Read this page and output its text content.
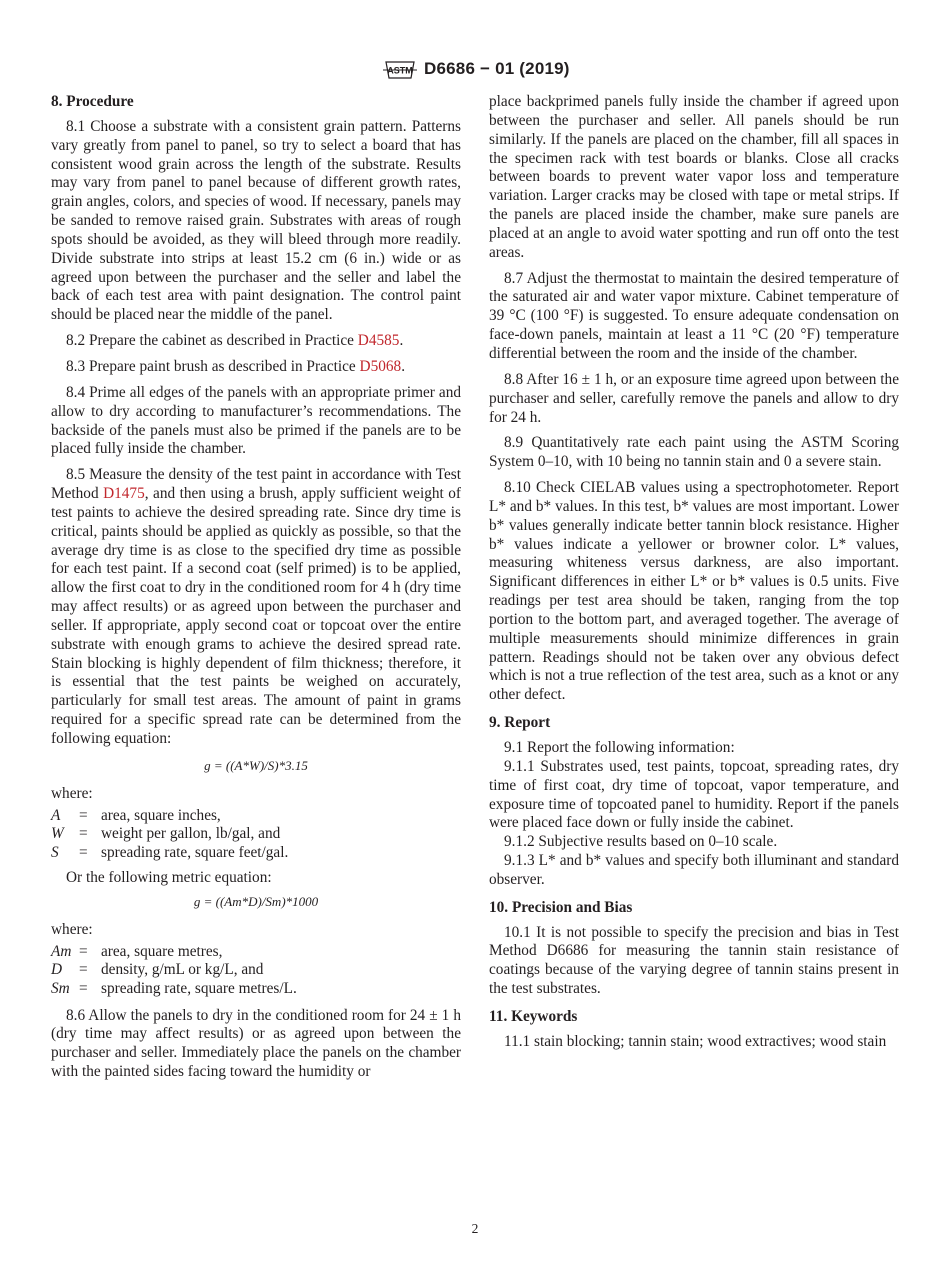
ASTM D6686 − 01 (2019)
8. Procedure

8.1 Choose a substrate with a consistent grain pattern. Patterns vary greatly from panel to panel, so try to select a board that has consistent wood grain across the length of the substrate. Results may vary from panel to panel because of different growth rates, grain angles, colors, and species of wood. If necessary, panels may be sanded to remove raised grain. Substrates with areas of rough spots should be avoided, as they will bleed through more readily. Divide substrate into strips at least 15.2 cm (6 in.) wide or as agreed upon between the purchaser and the seller and label the back of each test area with paint designation. The control paint should be placed near the middle of the panel.

8.2 Prepare the cabinet as described in Practice D4585.

8.3 Prepare paint brush as described in Practice D5068.

8.4 Prime all edges of the panels with an appropriate primer and allow to dry according to manufacturer’s recommendations. The backside of the panels must also be primed if the panels are to be placed fully inside the chamber.

8.5 Measure the density of the test paint in accordance with Test Method D1475, and then using a brush, apply sufficient weight of test paints to achieve the desired spreading rate. Since dry time is critical, paints should be applied as quickly as possible, so that the average dry time is as close to the specified dry time as possible for each test paint. If a second coat (self primed) is to be applied, allow the first coat to dry in the conditioned room for 4 h (dry time may affect results) or as agreed upon between the purchaser and seller. If appropriate, apply second coat or topcoat over the entire substrate with enough grams to achieve the desired spread rate. Stain blocking is highly dependent of film thickness; therefore, it is essential that the test paints be weighed on accurately, particularly for small test areas. The amount of paint in grams required for a specific spread rate can be determined from the following equation:

g = ((A*W)/S)*3.15

where:

A	= area, square inches,
W = weight per gallon, lb/gal, and
S	= spreading rate, square feet/gal.

Or the following metric equation:

g = ((Am*D)/Sm)*1000

where:

Am = area, square metres,
D	= density, g/mL or kg/L, and
Sm = spreading rate, square metres/L.

8.6 Allow the panels to dry in the conditioned room for 24 ± 1 h (dry time may affect results) or as agreed upon between the purchaser and seller. Immediately place the panels on the chamber with the painted sides facing toward the humidity or

place backprimed panels fully inside the chamber if agreed upon between the purchaser and seller. All panels should be run similarly. If the panels are placed on the chamber, fill all spaces in the specimen rack with test boards or blanks. Close all cracks between boards to prevent water vapor loss and temperature variation. Larger cracks may be closed with tape or metal strips. If the panels are placed inside the chamber, make sure panels are placed at an angle to avoid water spotting and run off onto the test areas.

8.7 Adjust the thermostat to maintain the desired temperature of the saturated air and water vapor mixture. Cabinet temperature of 39 °C (100 °F) is suggested. To ensure adequate condensation on face-down panels, maintain at least a 11 °C (20 °F) temperature differential between the room and the inside of the chamber.

8.8 After 16 ± 1 h, or an exposure time agreed upon between the purchaser and seller, carefully remove the panels and allow to dry for 24 h.

8.9 Quantitatively rate each paint using the ASTM Scoring System 0–10, with 10 being no tannin stain and 0 a severe stain.

8.10 Check CIELAB values using a spectrophotometer. Report L* and b* values. In this test, b* values are most important. Lower b* values generally indicate better tannin block resistance. Higher b* values indicate a yellower or browner color. L* values, measuring whiteness versus darkness, are also important. Significant differences in either L* or b* values is 0.5 units. Five readings per test area should be taken, ranging from the top portion to the bottom part, and averaged together. The average of multiple measurements should minimize differences in grain pattern. Readings should not be taken over any obvious defect which is not a true reflection of the test area, such as a knot or any other defect.

9. Report

9.1 Report the following information:

9.1.1 Substrates used, test paints, topcoat, spreading rates, dry time of first coat, dry time of topcoat, vapor temperature, and exposure time of topcoated panel to humidity. Report if the panels were placed face down or fully inside the cabinet.

9.1.2 Subjective results based on 0–10 scale.

9.1.3 L* and b* values and specify both illuminant and standard observer.

10. Precision and Bias

10.1 It is not possible to specify the precision and bias in Test Method D6686 for measuring the tannin stain resistance of coatings because of the varying degree of tannin stains present in the test substrates.

11. Keywords

11.1 stain blocking; tannin stain; wood extractives; wood stain

2
